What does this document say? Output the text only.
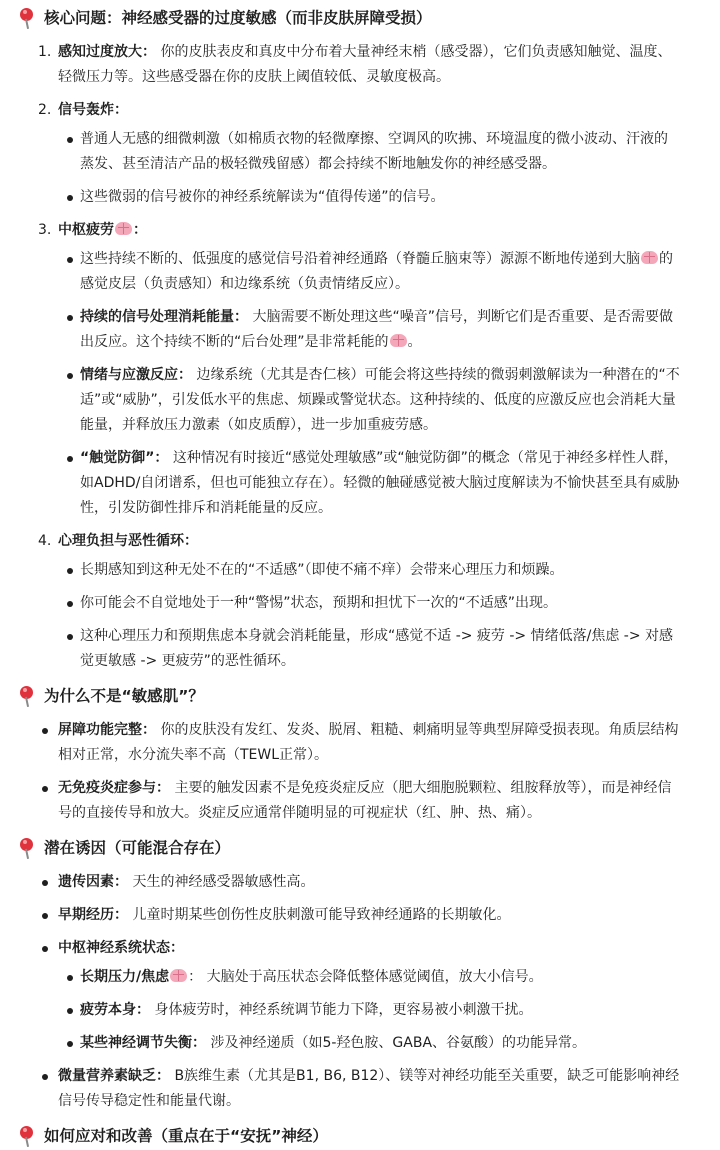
核心问题：神经感受器的过度敏感（而非皮肤屏障受损）
1. 感知过度放大： 你的皮肤表皮和真皮中分布着大量神经末梢（感受器），它们负责感知触觉、温度、轻微压力等。这些感受器在你的皮肤上阈值较低、灵敏度极高。
2. 信号轰炸：
普通人无感的细微刺激（如棉质衣物的轻微摩擦、空调风的吹拂、环境温度的微小波动、汗液的蒸发、甚至清洁产品的极轻微残留感）都会持续不断地触发你的神经感受器。
这些微弱的信号被你的神经系统解读为“值得传递”的信号。
3. 中枢疲劳 ：
这些持续不断的、低强度的感觉信号沿着神经通路（脊髓丘脑束等）源源不断地传递到大脑 的感觉皮层（负责感知）和边缘系统（负责情绪反应）。
持续的信号处理消耗能量： 大脑需要不断处理这些“噪音”信号，判断它们是否重要、是否需要做出反应。这个持续不断的“后台处理”是非常耗能的 。
情绪与应激反应： 边缘系统（尤其是杏仁核）可能会将这些持续的微弱刺激解读为一种潜在的“不适”或“威胁”，引发低水平的焦虑、烦躁或警觉状态。这种持续的、低度的应激反应也会消耗大量能量，并释放压力激素（如皮质醇），进一步加重疲劳感。
“触觉防御”： 这种情况有时接近“感觉处理敏感”或“触觉防御”的概念（常见于神经多样性人群，如ADHD/自闭谱系，但也可能独立存在）。轻微的触碰感觉被大脑过度解读为不愉快甚至具有威胁性，引发防御性排斥和消耗能量的反应。
4. 心理负担与恶性循环：
长期感知到这种无处不在的“不适感”（即使不痛不痒）会带来心理压力和烦躁。
你可能会不自觉地处于一种“警惕”状态，预期和担忧下一次的“不适感”出现。
这种心理压力和预期焦虑本身就会消耗能量，形成“感觉不适 -> 疲劳 -> 情绪低落/焦虑 -> 对感觉更敏感 -> 更疲劳”的恶性循环。
为什么不是“敏感肌”？
屏障功能完整： 你的皮肤没有发红、发炎、脱屑、粗糙、刺痛明显等典型屏障受损表现。角质层结构相对正常，水分流失率不高（TEWL正常）。
无免疫炎症参与： 主要的触发因素不是免疫炎症反应（肥大细胞脱颗粒、组胺释放等），而是神经信号的直接传导和放大。炎症反应通常伴随明显的可视症状（红、肿、热、痛）。
潜在诱因（可能混合存在）
遗传因素： 天生的神经感受器敏感性高。
早期经历： 儿童时期某些创伤性皮肤刺激可能导致神经通路的长期敏化。
中枢神经系统状态：
长期压力/焦虑 ： 大脑处于高压状态会降低整体感觉阈值，放大小信号。
疲劳本身： 身体疲劳时，神经系统调节能力下降，更容易被小刺激干扰。
某些神经调节失衡： 涉及神经递质（如5-羟色胺、GABA、谷氨酸）的功能异常。
微量营养素缺乏： B族维生素（尤其是B1, B6, B12）、镁等对神经功能至关重要，缺乏可能影响神经信号传导稳定性和能量代谢。
如何应对和改善（重点在于“安抚”神经）
